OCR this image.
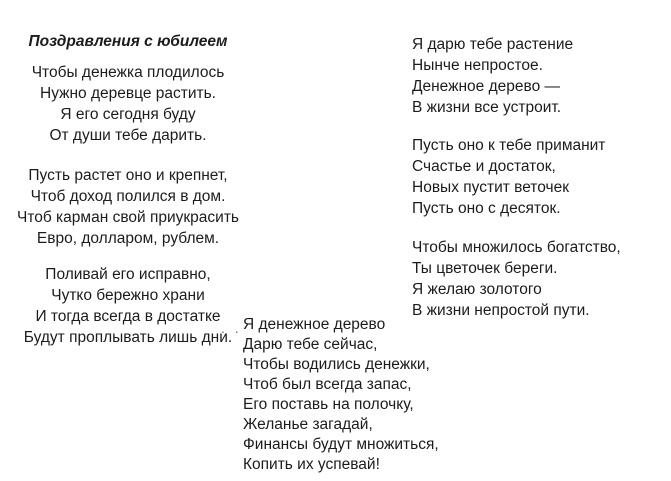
Поздравления с юбилеем
Чтобы денежка плодилось
Нужно деревце растить.
Я его сегодня буду
От души тебе дарить.
Пусть растет оно и крепнет,
Чтоб доход полился в дом.
Чтоб карман свой приукрасить
Евро, долларом, рублем.
Поливай его исправно,
Чутко бережно храни
И тогда всегда в достатке
Будут проплывать лишь дни.
. . Я денежное дерево
Дарю тебе сейчас,
Чтобы водились денежки,
Чтоб был всегда запас,
Его поставь на полочку,
Желанье загадай,
Финансы будут множиться,
Копить их успевай!
Я дарю тебе растение
Нынче непростое.
Денежное дерево —
В жизни все устроит.
Пусть оно к тебе приманит
Счастье и достаток,
Новых пустит веточек
Пусть оно с десяток.
Чтобы множилось богатство,
Ты цветочек береги.
Я желаю золотого
В жизни непростой пути.
